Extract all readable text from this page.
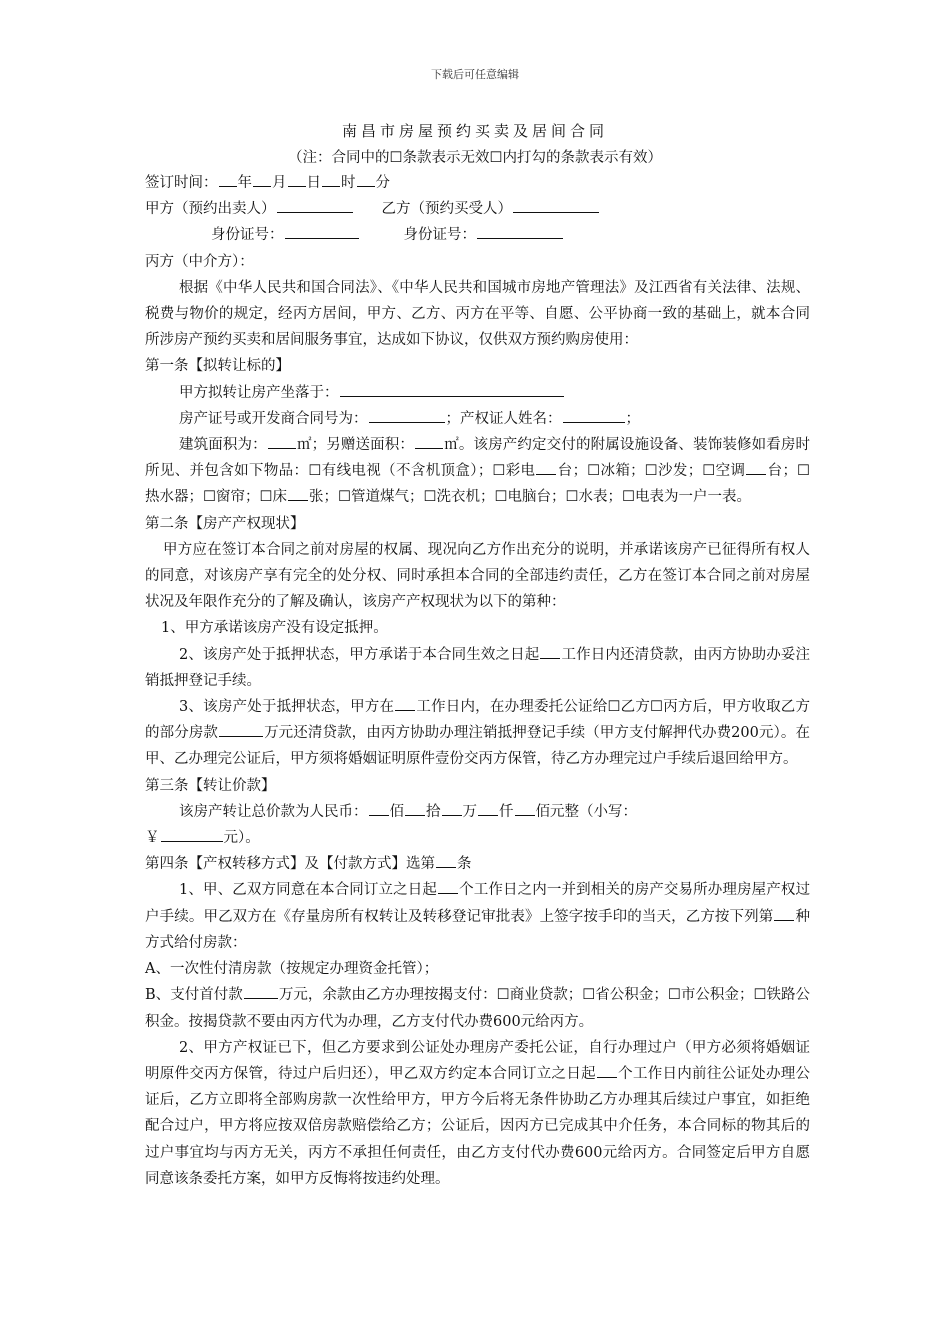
下载后可任意编辑
南昌市房屋预约买卖及居间合同
（注：合同中的☐条款表示无效☐内打勾的条款表示有效）
签订时间： 年 月 日 时 分
甲方（预约出卖人）	乙方（预约买受人）
身份证号：	身份证号：
丙方（中介方）：
根据《中华人民共和国合同法》、《中华人民共和国城市房地产管理法》及江西省有关法律、法规、税费与物价的规定，经丙方居间，甲方、乙方、丙方在平等、自愿、公平协商一致的基础上，就本合同所涉房产预约买卖和居间服务事宜，达成如下协议，仅供双方预约购房使用：
第一条【拟转让标的】
甲方拟转让房产坐落于：
房产证号或开发商合同号为：	；产权证人姓名：	；
建筑面积为： ㎡；另赠送面积： ㎡。该房产约定交付的附属设施设备、装饰装修如看房时所见、并包含如下物品：☐有线电视（不含机顶盒）；☐彩电 台；☐冰箱；☐沙发；☐空调 台；☐热水器；☐窗帘；☐床 张；☐管道煤气；☐洗衣机；☐电脑台；☐水表；☐电表为一户一表。
第二条【房产产权现状】
甲方应在签订本合同之前对房屋的权属、现况向乙方作出充分的说明，并承诺该房产已征得所有权人的同意，对该房产享有完全的处分权、同时承担本合同的全部违约责任，乙方在签订本合同之前对房屋状况及年限作充分的了解及确认，该房产产权现状为以下的第种：
1、甲方承诺该房产没有设定抵押。
2、该房产处于抵押状态，甲方承诺于本合同生效之日起 工作日内还清贷款，由丙方协助办妥注销抵押登记手续。
3、该房产处于抵押状态，甲方在 工作日内，在办理委托公证给☐乙方☐丙方后，甲方收取乙方的部分房款	万元还清贷款，由丙方协助办理注销抵押登记手续（甲方支付解押代办费200元）。在甲、乙办理完公证后，甲方须将婚姻证明原件壹份交丙方保管，待乙方办理完过户手续后退回给甲方。
第三条【转让价款】
该房产转让总价款为人民币： 佰 拾 万 仟 佰元整（小写：
￥	元）。
第四条【产权转移方式】及【付款方式】选第 条
1、甲、乙双方同意在本合同订立之日起 个工作日之内一并到相关的房产交易所办理房屋产权过户手续。甲乙双方在《存量房所有权转让及转移登记审批表》上签字按手印的当天，乙方按下列第 种方式给付房款：
A、一次性付清房款（按规定办理资金托管）；
B、支付首付款 万元，余款由乙方办理按揭支付：☐商业贷款；☐省公积金；☐市公积金；☐铁路公积金。按揭贷款不要由丙方代为办理，乙方支付代办费600元给丙方。
2、甲方产权证已下，但乙方要求到公证处办理房产委托公证，自行办理过户（甲方必须将婚姻证明原件交丙方保管，待过户后归还），甲乙双方约定本合同订立之日起 个工作日内前往公证处办理公证后，乙方立即将全部购房款一次性给甲方，甲方今后将无条件协助乙方办理其后续过户事宜，如拒绝配合过户，甲方将应按双倍房款赔偿给乙方；公证后，因丙方已完成其中介任务，本合同标的物其后的过户事宜均与丙方无关，丙方不承担任何责任，由乙方支付代办费600元给丙方。合同签定后甲方自愿同意该条委托方案，如甲方反悔将按违约处理。
